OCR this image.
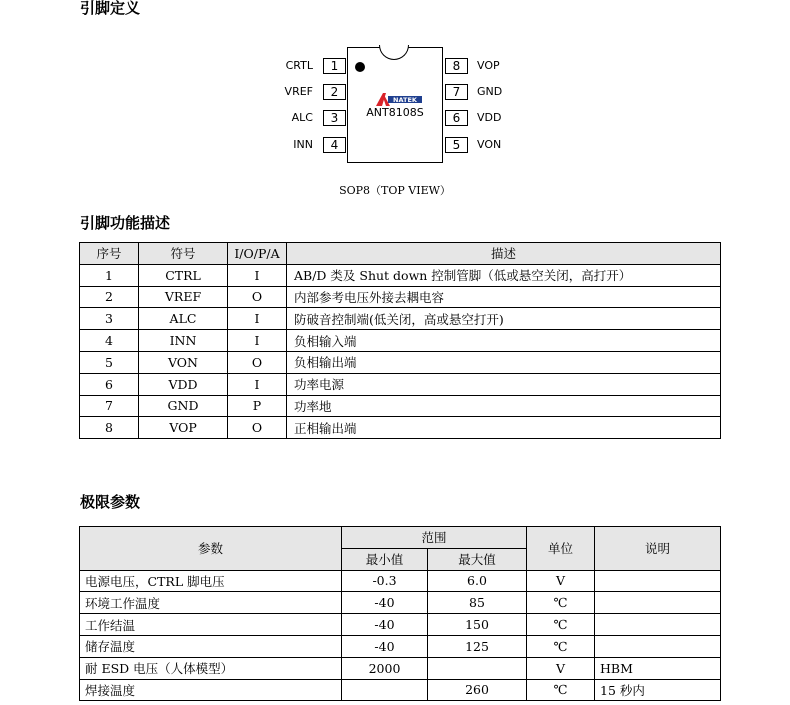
引脚定义
NATEK
ANT8108S
CRTL	1
VREF	2
ALC	3
INN	4
8	VOP
7	GND
6	VDD
5	VON
SOP8（TOP VIEW）
引脚功能描述
序号	符号	I/O/P/A	描述
1	CTRL	I	AB/D 类及 Shut down 控制管脚（低或悬空关闭，高打开）
2	VREF	O	内部参考电压外接去耦电容
3	ALC	I	防破音控制端(低关闭，高或悬空打开)
4	INN	I	负相输入端
5	VON	O	负相输出端
6	VDD	I	功率电源
7	GND	P	功率地
8	VOP	O	正相输出端
极限参数
参数	范围		单位	说明
	最小值	最大值		
电源电压，CTRL 脚电压	-0.3	6.0	V	
环境工作温度	-40	85	℃	
工作结温	-40	150	℃	
储存温度	-40	125	℃	
耐 ESD 电压（人体模型）	2000		V	HBM
焊接温度		260	℃	15 秒内
